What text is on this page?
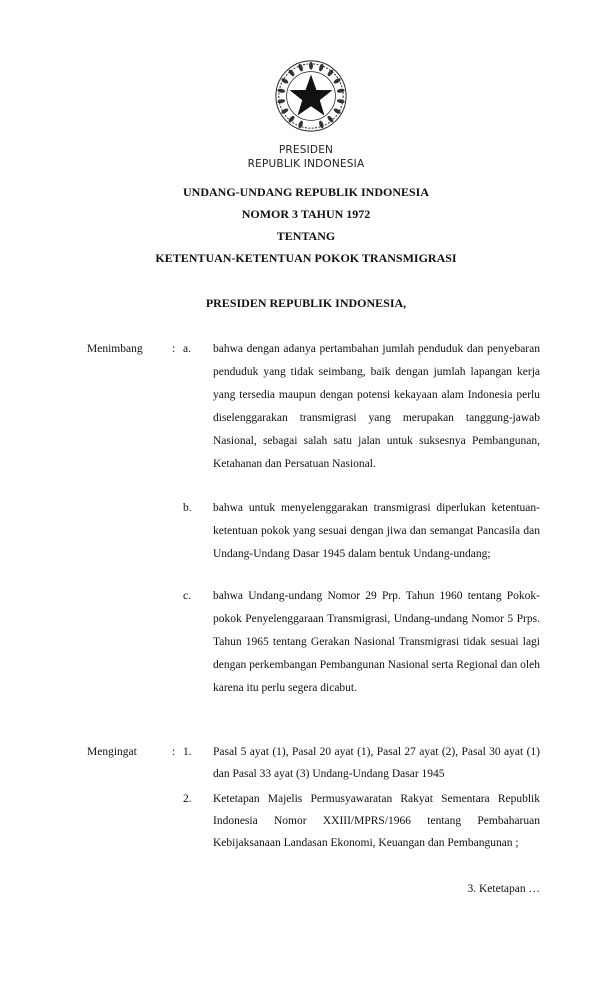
PRESIDEN
REPUBLIK INDONESIA
UNDANG-UNDANG REPUBLIK INDONESIA
NOMOR 3 TAHUN 1972
TENTANG
KETENTUAN-KETENTUAN POKOK TRANSMIGRASI
PRESIDEN REPUBLIK INDONESIA,
Menimbang	: a. bahwa dengan adanya pertambahan jumlah penduduk dan penyebaran penduduk yang tidak seimbang, baik dengan jumlah lapangan kerja yang tersedia maupun dengan potensi kekayaan alam Indonesia perlu diselenggarakan transmigrasi yang merupakan tanggung-jawab Nasional, sebagai salah satu jalan untuk suksesnya Pembangunan, Ketahanan dan Persatuan Nasional.
b. bahwa untuk menyelenggarakan transmigrasi diperlukan ketentuan-ketentuan pokok yang sesuai dengan jiwa dan semangat Pancasila dan Undang-Undang Dasar 1945 dalam bentuk Undang-undang;
c. bahwa Undang-undang Nomor 29 Prp. Tahun 1960 tentang Pokok-pokok Penyelenggaraan Transmigrasi, Undang-undang Nomor 5 Prps. Tahun 1965 tentang Gerakan Nasional Transmigrasi tidak sesuai lagi dengan perkembangan Pembangunan Nasional serta Regional dan oleh karena itu perlu segera dicabut.
Mengingat	: 1. Pasal 5 ayat (1), Pasal 20 ayat (1), Pasal 27 ayat (2), Pasal 30 ayat (1) dan Pasal 33 ayat (3) Undang-Undang Dasar 1945
2. Ketetapan Majelis Permusyawaratan Rakyat Sementara Republik Indonesia Nomor XXIII/MPRS/1966 tentang Pembaharuan Kebijaksanaan Landasan Ekonomi, Keuangan dan Pembangunan ;
3. Ketetapan …
